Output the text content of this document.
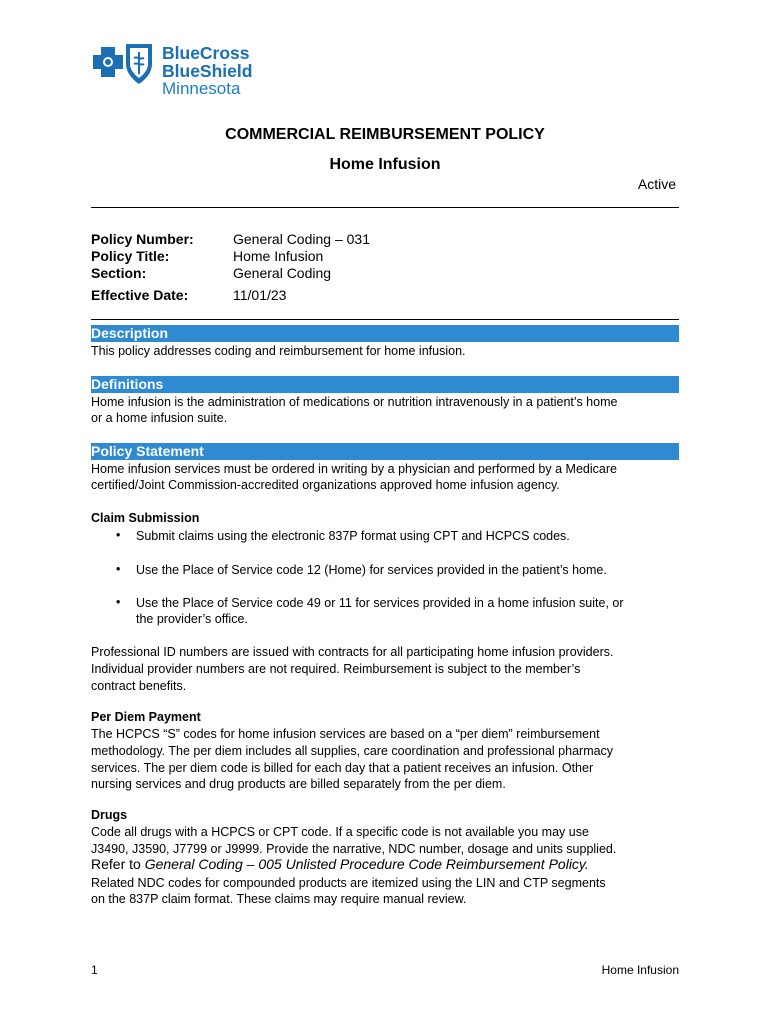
BlueCross
BlueShield
Minnesota
COMMERCIAL REIMBURSEMENT POLICY
Home Infusion
Active
Policy Number:	General Coding – 031
Policy Title:	Home Infusion
Section:	General Coding
Effective Date:	11/01/23
Description
This policy addresses coding and reimbursement for home infusion.
Definitions
Home infusion is the administration of medications or nutrition intravenously in a patient’s home
or a home infusion suite.
Policy Statement
Home infusion services must be ordered in writing by a physician and performed by a Medicare
certified/Joint Commission-accredited organizations approved home infusion agency.
Claim Submission
• Submit claims using the electronic 837P format using CPT and HCPCS codes.
• Use the Place of Service code 12 (Home) for services provided in the patient’s home.
• Use the Place of Service code 49 or 11 for services provided in a home infusion suite, or
the provider’s office.
Professional ID numbers are issued with contracts for all participating home infusion providers.
Individual provider numbers are not required. Reimbursement is subject to the member’s
contract benefits.
Per Diem Payment
The HCPCS “S” codes for home infusion services are based on a “per diem” reimbursement
methodology. The per diem includes all supplies, care coordination and professional pharmacy
services. The per diem code is billed for each day that a patient receives an infusion. Other
nursing services and drug products are billed separately from the per diem.
Drugs
Code all drugs with a HCPCS or CPT code. If a specific code is not available you may use
J3490, J3590, J7799 or J9999. Provide the narrative, NDC number, dosage and units supplied.
Refer to General Coding – 005 Unlisted Procedure Code Reimbursement Policy.
Related NDC codes for compounded products are itemized using the LIN and CTP segments
on the 837P claim format. These claims may require manual review.
1	Home Infusion
